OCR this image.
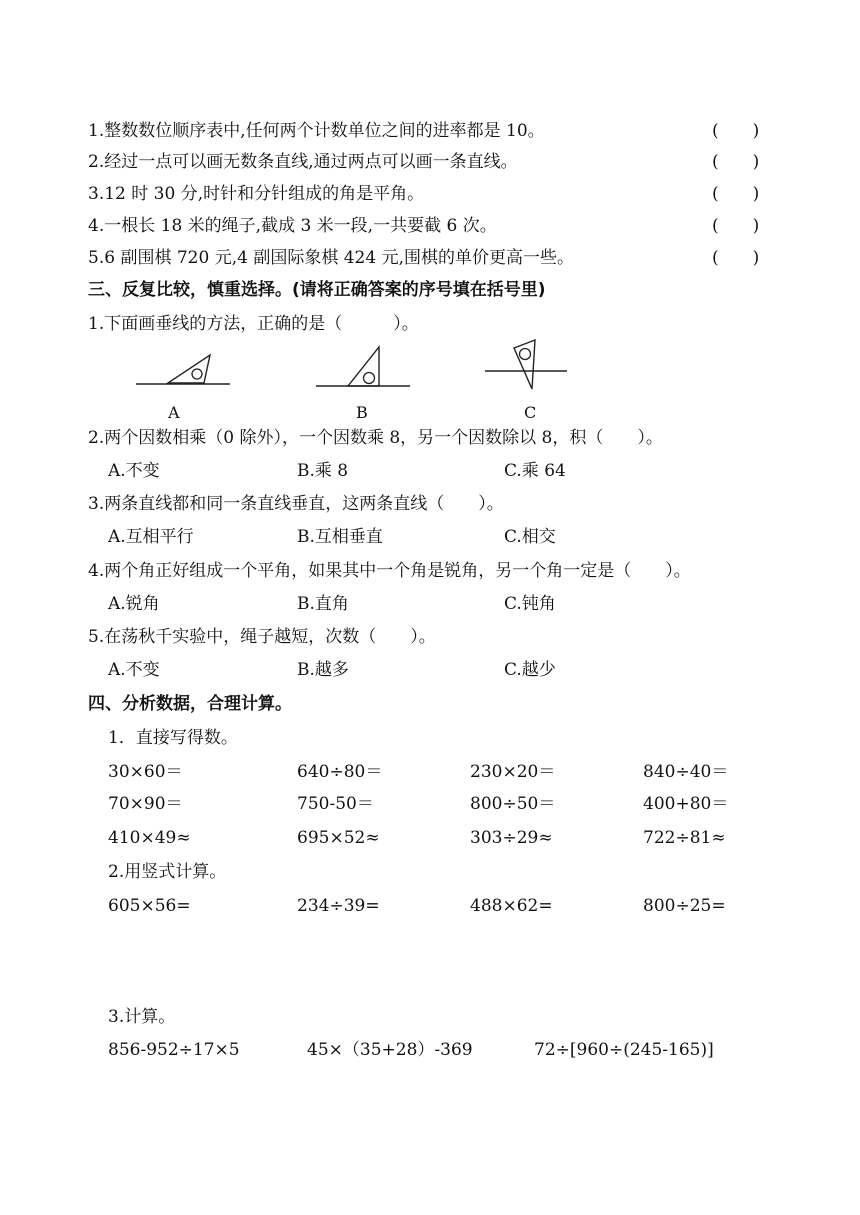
1.整数数位顺序表中,任何两个计数单位之间的进率都是 10。	(　　)
2.经过一点可以画无数条直线,通过两点可以画一条直线。	(　　)
3.12 时 30 分,时针和分针组成的角是平角。	(　　)
4.一根长 18 米的绳子,截成 3 米一段,一共要截 6 次。	(　　)
5.6 副围棋 720 元,4 副国际象棋 424 元,围棋的单价更高一些。	(　　)
三、反复比较，慎重选择。(请将正确答案的序号填在括号里)
1.下面画垂线的方法，正确的是（　　　）。
A	B	C
2.两个因数相乘（0 除外），一个因数乘 8，另一个因数除以 8，积（　　）。
A.不变	B.乘 8	C.乘 64
3.两条直线都和同一条直线垂直，这两条直线（　　）。
A.互相平行	B.互相垂直	C.相交
4.两个角正好组成一个平角，如果其中一个角是锐角，另一个角一定是（　　）。
A.锐角	B.直角	C.钝角
5.在荡秋千实验中，绳子越短，次数（　　）。
A.不变	B.越多	C.越少
四、分析数据，合理计算。
1．直接写得数。
30×60＝	640÷80＝	230×20＝	840÷40＝
70×90＝	750-50＝	800÷50＝	400+80＝
410×49≈	695×52≈	303÷29≈	722÷81≈
2.用竖式计算。
605×56=	234÷39=	488×62=	800÷25=
3.计算。
856-952÷17×5	45×（35+28）-369	72÷[960÷(245-165)]
